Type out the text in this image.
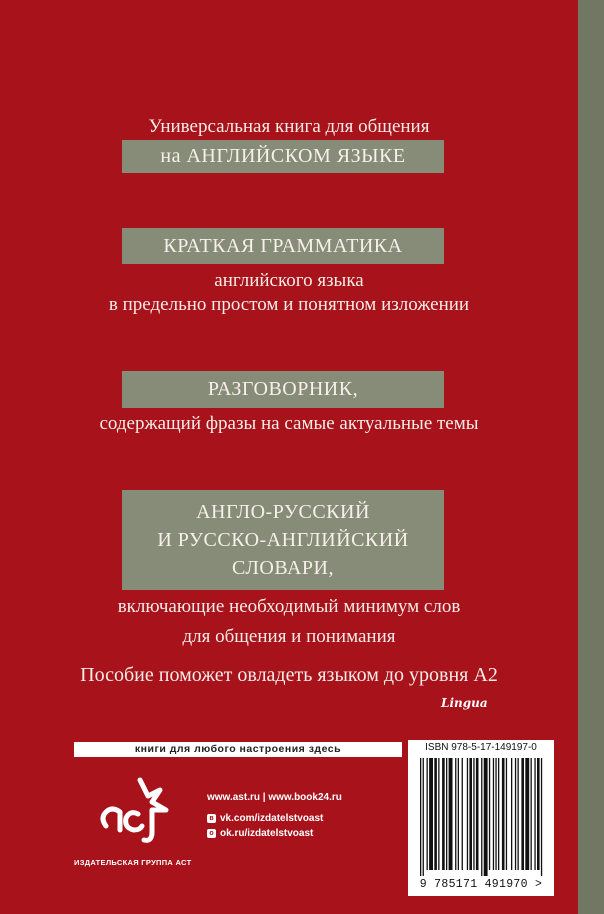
Универсальная книга для общения
на АНГЛИЙСКОМ ЯЗЫКЕ
КРАТКАЯ ГРАММАТИКА
английского языка
в предельно простом и понятном изложении
РАЗГОВОРНИК,
содержащий фразы на самые актуальные темы
АНГЛО-РУССКИЙ
И РУССКО-АНГЛИЙСКИЙ
СЛОВАРИ,
включающие необходимый минимум слов
для общения и понимания
Пособие поможет овладеть языком до уровня А2
Lingua
книги для любого настроения здесь
ИЗДАТЕЛЬСКАЯ ГРУППА АСТ
www.ast.ru | www.book24.ru
в vk.com/izdatelstvoast
о ok.ru/izdatelstvoast
ISBN 978-5-17-149197-0
9 785171 491970 >
